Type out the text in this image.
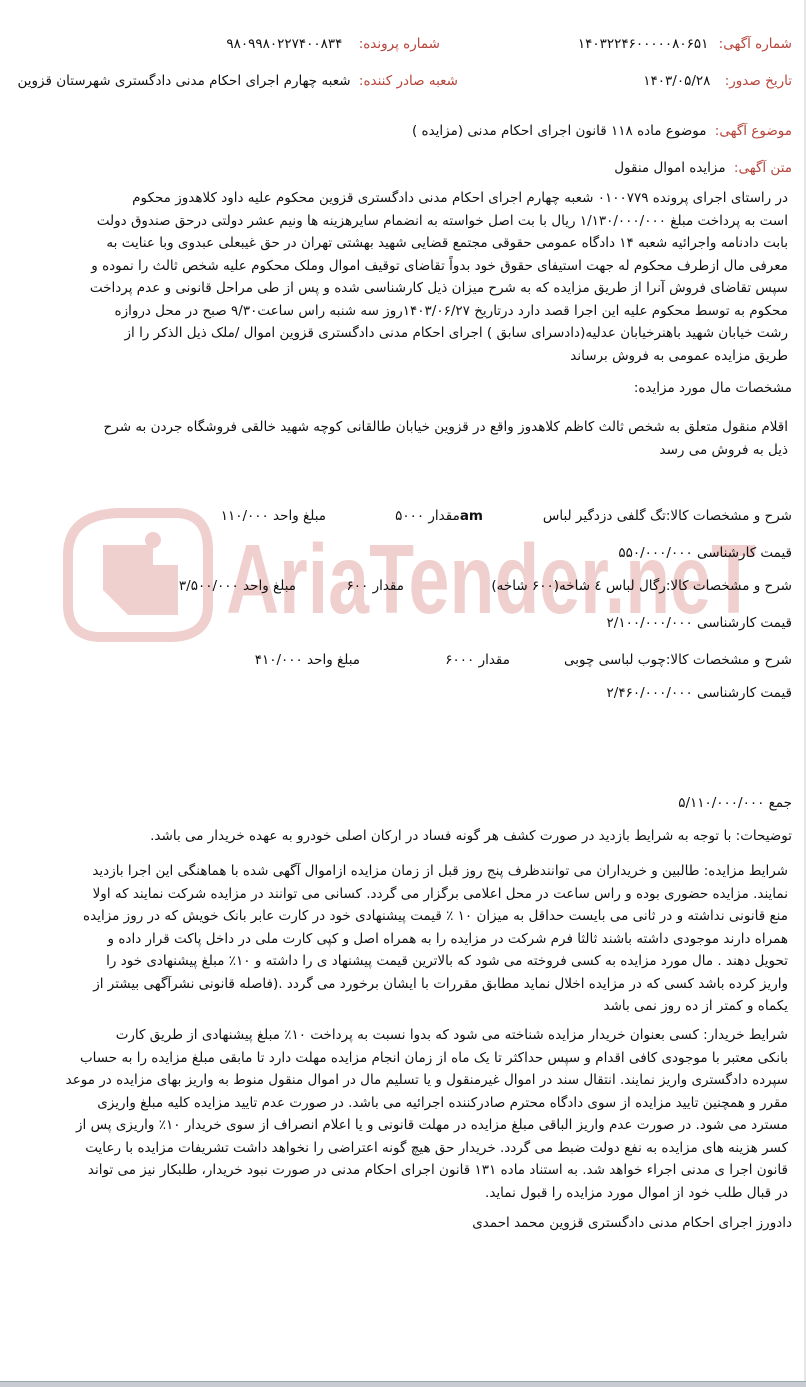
AriaTender.neT
شماره آگهی: ۱۴۰۳۲۲۴۶۰۰۰۰۰۸۰۶۵۱
شماره پرونده: ۹۸۰۹۹۸۰۲۲۷۴۰۰۸۳۴
تاریخ صدور: ۱۴۰۳/۰۵/۲۸
شعبه صادر کننده: شعبه چهارم اجرای احکام مدنی دادگستری شهرستان قزوین
موضوع آگهی: موضوع ماده ۱۱۸ قانون اجرای احکام مدنی (مزایده )
متن آگهی: مزایده اموال منقول
در راستای اجرای پرونده ۰۱۰۰۷۷۹ شعبه چهارم اجرای احکام مدنی دادگستری قزوین محکوم علیه داود کلاهدوز محکوم
است به پرداخت مبلغ ۱/۱۳۰/۰۰۰/۰۰۰ ریال با بت اصل خواسته به انضمام سایرهزینه ها ونیم عشر دولتی درحق صندوق دولت
بابت دادنامه واجرائیه شعبه ۱۴ دادگاه عمومی حقوقی مجتمع قضایی شهید بهشتی تهران در حق غیبعلی عبدوی وبا عنایت به
معرفی مال ازطرف محکوم له جهت استیفای حقوق خود بدواً تقاضای توقیف اموال وملک محکوم علیه شخص ثالث را نموده و
سپس تقاضای فروش آنرا از طریق مزایده که به شرح میزان ذیل کارشناسی شده و پس از طی مراحل قانونی و عدم پرداخت
محکوم به توسط محکوم علیه این اجرا قصد دارد درتاریخ ۱۴۰۳/۰۶/۲۷روز سه شنبه راس ساعت۹/۳۰ صبح در محل دروازه
رشت خیابان شهید باهنرخیابان عدلیه(دادسرای سابق ) اجرای احکام مدنی دادگستری قزوین اموال /ملک ذیل الذکر را از
طریق مزایده عمومی به فروش برساند
مشخصات مال مورد مزایده:
اقلام منقول متعلق به شخص ثالث کاظم کلاهدوز واقع در قزوین خیابان طالقانی کوچه شهید خالقی فروشگاه جردن به شرح
ذیل به فروش می رسد
شرح و مشخصات کالا:تگ گلفی دزدگیر لباس
amمقدار ۵۰۰۰
مبلغ واحد ۱۱۰/۰۰۰
قیمت کارشناسی ۵۵۰/۰۰۰/۰۰۰
شرح و مشخصات کالا:رگال لباس ٤ شاخه(۶۰۰ شاخه)
مقدار ۶۰۰
مبلغ واحد ۳/۵۰۰/۰۰۰
قیمت کارشناسی ۲/۱۰۰/۰۰۰/۰۰۰
شرح و مشخصات کالا:چوب لباسی چوبی
مقدار ۶۰۰۰
مبلغ واحد ۴۱۰/۰۰۰
قیمت کارشناسی ۲/۴۶۰/۰۰۰/۰۰۰
جمع ۵/۱۱۰/۰۰۰/۰۰۰
توضیحات: با توجه به شرایط بازدید در صورت کشف هر گونه فساد در ارکان اصلی خودرو به عهده خریدار می باشد.
شرایط مزایده: طالبین و خریداران می توانندظرف پنج روز قبل از زمان مزایده ازاموال آگهی شده با هماهنگی این اجرا بازدید
نمایند. مزایده حضوری بوده و راس ساعت در محل اعلامی برگزار می گردد. کسانی می توانند در مزایده شرکت نمایند که اولا
منع قانونی نداشته و در ثانی می بایست حداقل به میزان ۱۰ ٪ قیمت پیشنهادی خود در کارت عابر بانک خویش که در روز مزایده
همراه دارند موجودی داشته باشند ثالثا فرم شرکت در مزایده را به همراه اصل و کپی کارت ملی در داخل پاکت قرار داده و
تحویل دهند . مال مورد مزایده به کسی فروخته می شود که بالاترین قیمت پیشنهاد ی را داشته و ۱۰٪ مبلغ پیشنهادی خود را
واریز کرده باشد کسی که در مزایده اخلال نماید مطابق مقررات با ایشان برخورد می گردد .(فاصله قانونی نشرآگهی بیشتر از
یکماه و کمتر از ده روز نمی باشد
شرایط خریدار: کسی بعنوان خریدار مزایده شناخته می شود که بدوا نسبت به پرداخت ۱۰٪ مبلغ پیشنهادی از طریق کارت
بانکی معتبر با موجودی کافی اقدام و سپس حداکثر تا یک ماه از زمان انجام مزایده مهلت دارد تا مابقی مبلغ مزایده را به حساب
سپرده دادگستری واریز نمایند. انتقال سند در اموال غیرمنقول و یا تسلیم مال در اموال منقول منوط به واریز بهای مزایده در موعد
مقرر و همچنین تایید مزایده از سوی دادگاه محترم صادرکننده اجرائیه می باشد. در صورت عدم تایید مزایده کلیه مبلغ واریزی
مسترد می شود. در صورت عدم واریز الباقی مبلغ مزایده در مهلت قانونی و یا اعلام انصراف از سوی خریدار ۱۰٪ واریزی پس از
کسر هزینه های مزایده به نفع دولت ضبط می گردد. خریدار حق هیچ گونه اعتراضی را نخواهد داشت تشریفات مزایده با رعایت
قانون اجرا ی مدنی اجراء خواهد شد. به استناد ماده ۱۳۱ قانون اجرای احکام مدنی در صورت نبود خریدار، طلبکار نیز می تواند
در قبال طلب خود از اموال مورد مزایده را قبول نماید.
دادورز اجرای احکام مدنی دادگستری قزوین محمد احمدی
